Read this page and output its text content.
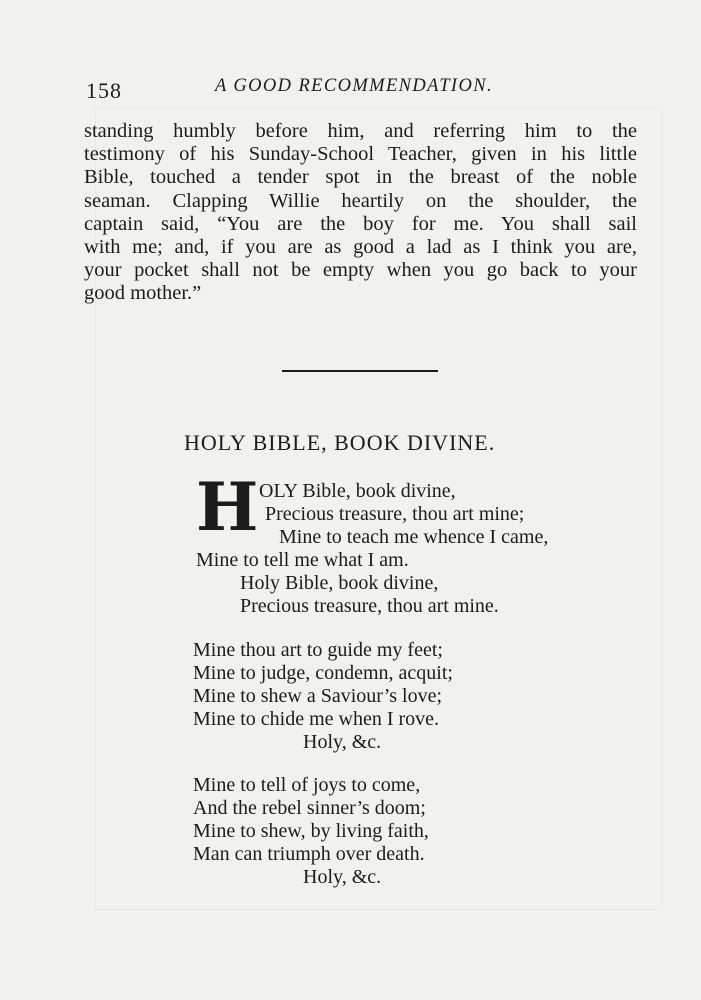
158	A GOOD RECOMMENDATION.
standing humbly before him, and referring him to the
testimony of his Sunday-School Teacher, given in his little
Bible, touched a tender spot in the breast of the noble
seaman. Clapping Willie heartily on the shoulder, the
captain said, “You are the boy for me. You shall sail
with me; and, if you are as good a lad as I think you are,
your pocket shall not be empty when you go back to your
good mother.”
HOLY BIBLE, BOOK DIVINE.
H OLY Bible, book divine,
Precious treasure, thou art mine;
Mine to teach me whence I came,
Mine to tell me what I am.
Holy Bible, book divine,
Precious treasure, thou art mine.
Mine thou art to guide my feet;
Mine to judge, condemn, acquit;
Mine to shew a Saviour’s love;
Mine to chide me when I rove.
Holy, &c.
Mine to tell of joys to come,
And the rebel sinner’s doom;
Mine to shew, by living faith,
Man can triumph over death.
Holy, &c.
